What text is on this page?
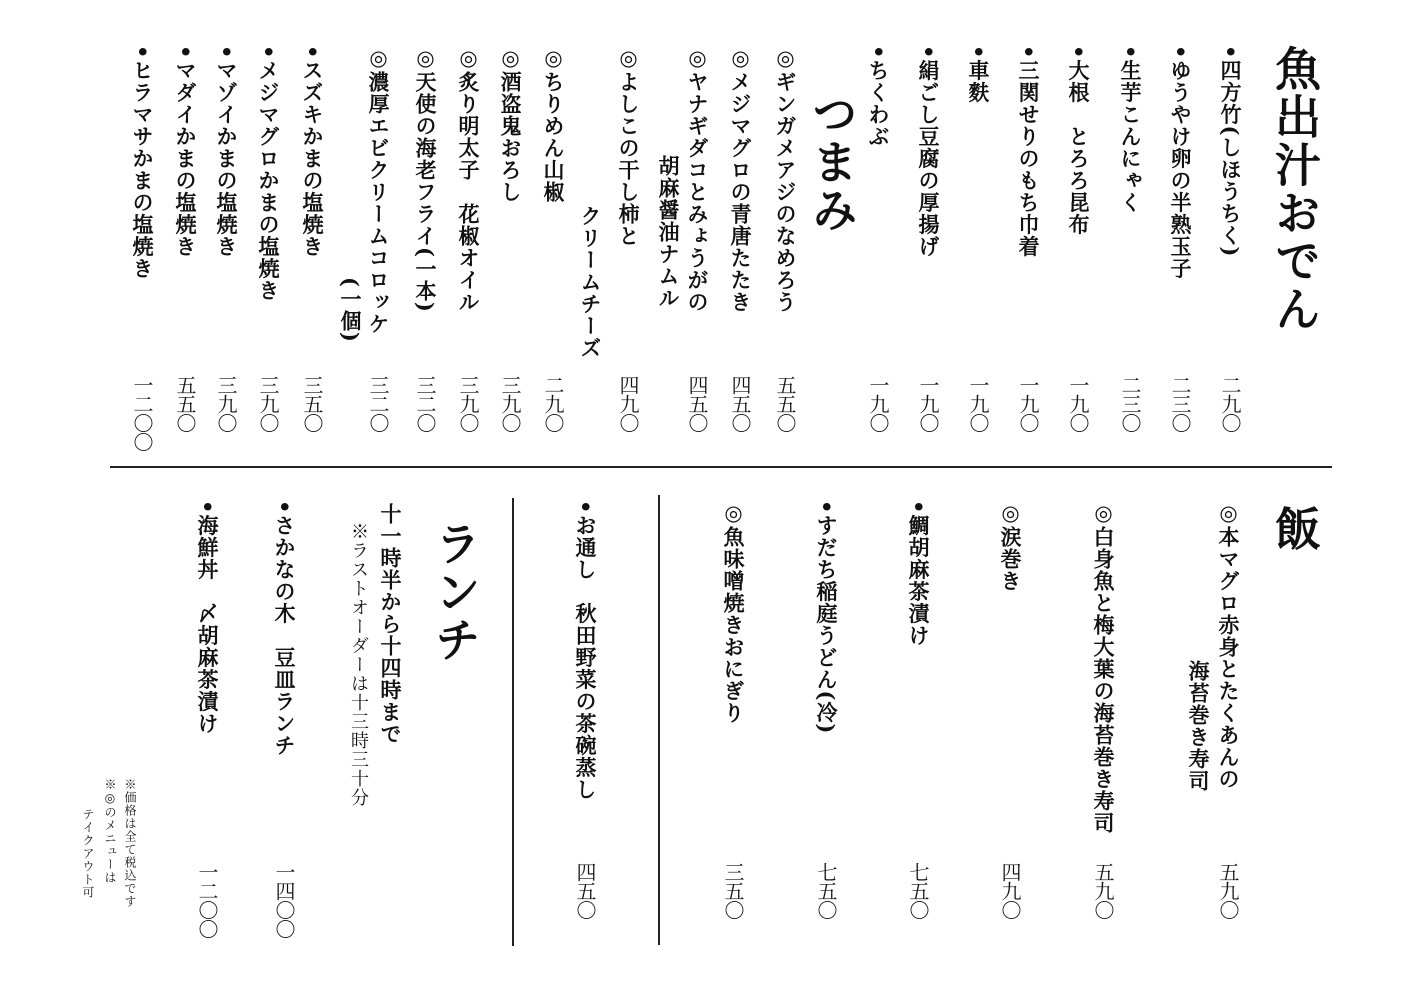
魚出汁おでん
•四方竹(しほうちく)
二九〇
•ゆうやけ卵の半熟玉子
二三〇
•生芋こんにゃく
二三〇
•大根　とろろ昆布
一九〇
•三関せりのもち巾着
一九〇
•車麩
一九〇
•絹ごし豆腐の厚揚げ
一九〇
•ちくわぶ
一九〇
◎ギンガメアジのなめろう
五五〇
◎メジマグロの青唐たたき
四五〇
◎ヤナギダコとみょうがの
胡麻醤油ナムル
四五〇
◎よしこの干し柿と
クリームチーズ
四九〇
◎ちりめん山椒
二九〇
◎酒盗鬼おろし
三九〇
◎炙り明太子　花椒オイル
三九〇
◎天使の海老フライ(一本)
三二〇
◎濃厚エビクリームコロッケ
(一個)
三二〇
•スズキかまの塩焼き
三五〇
•メジマグロかまの塩焼き
三九〇
•マゾイかまの塩焼き
三九〇
•マダイかまの塩焼き
五五〇
•ヒラマサかまの塩焼き
一二〇〇
◎本マグロ赤身とたくあんの
海苔巻き寿司
五九〇
◎白身魚と梅大葉の海苔巻き寿司
五九〇
◎涙巻き
四九〇
•鯛胡麻茶漬け
七五〇
•すだち稲庭うどん(冷)
七五〇
◎魚味噌焼きおにぎり
三五〇
•さかなの木　豆皿ランチ
一四〇〇
•海鮮丼　〆胡麻茶漬け
一二〇〇
•お通し　秋田野菜の茶碗蒸し
四五〇
つまみ
飯
ランチ
十一時半から十四時まで
※ラストオーダーは十三時三十分
※価格は全て税込です
※◎のメニューは
テイクアウト可
